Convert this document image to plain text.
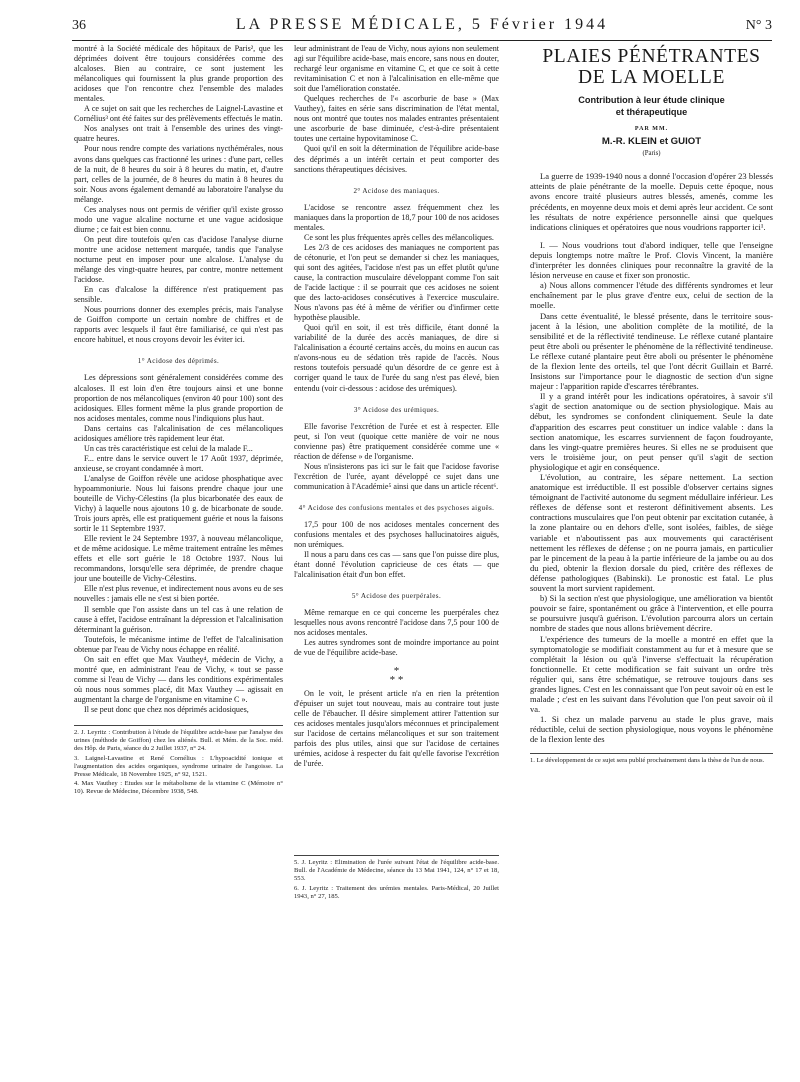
36	LA PRESSE MÉDICALE, 5 Février 1944	N° 3

montré à la Société médicale des hôpitaux de Paris², que les déprimées doivent être toujours considérées comme des alcaloses. Bien au contraire, ce sont justement les mélancoliques qui fournissent la plus grande proportion des acidoses que l'on rencontre chez l'ensemble des malades mentales.

A ce sujet on sait que les recherches de Laignel-Lavastine et Cornélius³ ont été faites sur des prélèvements effectués le matin.

Nos analyses ont trait à l'ensemble des urines des vingt-quatre heures.

Pour nous rendre compte des variations nycthémérales, nous avons dans quelques cas fractionné les urines : d'une part, celles de la nuit, de 8 heures du soir à 8 heures du matin, et, d'autre part, celles de la journée, de 8 heures du matin à 8 heures du soir. Nous avons également demandé au laboratoire l'analyse du mélange.

Ces analyses nous ont permis de vérifier qu'il existe grosso modo une vague alcaline nocturne et une vague acidosique diurne ; ce fait est bien connu.

On peut dire toutefois qu'en cas d'acidose l'analyse diurne montre une acidose nettement marquée, tandis que l'analyse nocturne peut en imposer pour une alcalose. L'analyse du mélange des vingt-quatre heures, par contre, montre nettement l'acidose.

En cas d'alcalose la différence n'est pratiquement pas sensible.

Nous pourrions donner des exemples précis, mais l'analyse de Goiffon comporte un certain nombre de chiffres et de rapports avec lesquels il faut être familiarisé, ce qui n'est pas encore habituel, et nous croyons devoir les éviter ici.

1° Acidose des déprimés.

Les dépressions sont généralement considérées comme des alcaloses. Il est loin d'en être toujours ainsi et une bonne proportion de nos mélancoliques (environ 40 pour 100) sont des acidosiques. Elles forment même la plus grande proportion de nos acidoses mentales, comme nous l'indiquions plus haut.

Dans certains cas l'alcalinisation de ces mélancoliques acidosiques améliore très rapidement leur état.

Un cas très caractéristique est celui de la malade F...

F... entre dans le service ouvert le 17 Août 1937, déprimée, anxieuse, se croyant condamnée à mort.

L'analyse de Goiffon révèle une acidose phosphatique avec hypoammoniurie. Nous lui faisons prendre chaque jour une bouteille de Vichy-Célestins (la plus bicarbonatée des eaux de Vichy) à laquelle nous ajoutons 10 g. de bicarbonate de soude. Trois jours après, elle est pratiquement guérie et nous la faisons sortir le 11 Septembre 1937.

Elle revient le 24 Septembre 1937, à nouveau mélancolique, et de même acidosique. Le même traitement entraîne les mêmes effets et elle sort guérie le 18 Octobre 1937. Nous lui recommandons, lorsqu'elle sera déprimée, de prendre chaque jour une bouteille de Vichy-Célestins.

Elle n'est plus revenue, et indirectement nous avons eu de ses nouvelles : jamais elle ne s'est si bien portée.

Il semble que l'on assiste dans un tel cas à une relation de cause à effet, l'acidose entraînant la dépression et l'alcalinisation déterminant la guérison.

Toutefois, le mécanisme intime de l'effet de l'alcalinisation obtenue par l'eau de Vichy nous échappe en réalité.

On sait en effet que Max Vauthey⁴, médecin de Vichy, a montré que, en administrant l'eau de Vichy, « tout se passe comme si l'eau de Vichy — dans les conditions expérimentales où nous nous sommes placé, dit Max Vauthey — agissait en augmentant la charge de l'organisme en vitamine C ».

Il se peut donc que chez nos déprimés acidosiques,

2. J. Leyritz : Contribution à l'étude de l'équilibre acide-base par l'analyse des urines (méthode de Goiffon) chez les aliénés. Bull. et Mém. de la Soc. méd. des Hôp. de Paris, séance du 2 Juillet 1937, n° 24.

3. Laignel-Lavastine et René Cornélius : L'hypoacidité ionique et l'augmentation des acides organiques, syndrome urinaire de l'angoisse. La Presse Médicale, 18 Novembre 1925, n° 92, 1521.

4. Max Vauthey : Etudes sur le métabolisme de la vitamine C (Mémoire n° 10). Revue de Médecine, Décembre 1938, 548.

leur administrant de l'eau de Vichy, nous ayions non seulement agi sur l'équilibre acide-base, mais encore, sans nous en douter, rechargé leur organisme en vitamine C, et que ce soit à cette revitaminisation C et non à l'alcalinisation en elle-même que soit due l'amélioration constatée.

Quelques recherches de l'« ascorburie de base » (Max Vauthey), faites en série sans discrimination de l'état mental, nous ont montré que toutes nos malades entrantes présentaient une ascorburie de base diminuée, c'est-à-dire présentaient toutes une certaine hypovitaminose C.

Quoi qu'il en soit la détermination de l'équilibre acide-base des déprimés a un intérêt certain et peut comporter des sanctions thérapeutiques décisives.

2° Acidose des maniaques.

L'acidose se rencontre assez fréquemment chez les maniaques dans la proportion de 18,7 pour 100 de nos acidoses mentales.

Ce sont les plus fréquentes après celles des mélancoliques.

Les 2/3 de ces acidoses des maniaques ne comportent pas de cétonurie, et l'on peut se demander si chez les maniaques, qui sont des agitées, l'acidose n'est pas un effet plutôt qu'une cause, la contraction musculaire développant comme l'on sait de l'acide lactique : il se pourrait que ces acidoses ne soient que des lacto-acidoses consécutives à l'exercice musculaire. Nous n'avons pas été à même de vérifier ou d'infirmer cette hypothèse plausible.

Quoi qu'il en soit, il est très difficile, étant donné la variabilité de la durée des accès maniaques, de dire si l'alcalinisation a écourté certains accès, du moins en aucun cas n'avons-nous eu de sédation très rapide de l'accès. Nous restons toutefois persuadé qu'un désordre de ce genre est à corriger quand le taux de l'urée du sang n'est pas élevé, bien entendu (voir ci-dessous : acidose des urémiques).

3° Acidose des urémiques.

Elle favorise l'excrétion de l'urée et est à respecter. Elle peut, si l'on veut (quoique cette manière de voir ne nous convienne pas) être pratiquement considérée comme une « réaction de défense » de l'organisme.

Nous n'insisterons pas ici sur le fait que l'acidose favorise l'excrétion de l'urée, ayant développé ce sujet dans une communication à l'Académie⁵ ainsi que dans un article récent⁶.

4° Acidose des confusions mentales et des psychoses aiguës.

17,5 pour 100 de nos acidoses mentales concernent des confusions mentales et des psychoses hallucinatoires aiguës, non urémiques.

Il nous a paru dans ces cas — sans que l'on puisse dire plus, étant donné l'évolution capricieuse de ces états — que l'alcalinisation était d'un bon effet.

5° Acidose des puerpérales.

Même remarque en ce qui concerne les puerpérales chez lesquelles nous avons rencontré l'acidose dans 7,5 pour 100 de nos acidoses mentales.

Les autres syndromes sont de moindre importance au point de vue de l'équilibre acide-base.

*
* *

On le voit, le présent article n'a en rien la prétention d'épuiser un sujet tout nouveau, mais au contraire tout juste celle de l'ébaucher. Il désire simplement attirer l'attention sur ces acidoses mentales jusqu'alors méconnues et principalement sur l'acidose de certains mélancoliques et sur son traitement parfois des plus utiles, ainsi que sur l'acidose de certaines urémies, acidose à respecter du fait qu'elle favorise l'excrétion de l'urée.

5. J. Leyritz : Elimination de l'urée suivant l'état de l'équilibre acide-base. Bull. de l'Académie de Médecine, séance du 13 Mai 1941, 124, n° 17 et 18, 553.

6. J. Leyritz : Traitement des urémies mentales. Paris-Médical, 20 Juillet 1943, n° 27, 185.

PLAIES PÉNÉTRANTES
DE LA MOELLE
Contribution à leur étude clinique
et thérapeutique
PAR MM.
M.-R. KLEIN et GUIOT
(Paris)

La guerre de 1939-1940 nous a donné l'occasion d'opérer 23 blessés atteints de plaie pénétrante de la moelle. Depuis cette époque, nous avons encore traité plusieurs autres blessés, amenés, comme les précédents, en moyenne deux mois et demi après leur accident. Ce sont les résultats de notre expérience personnelle ainsi que quelques indications cliniques et opératoires que nous voudrions rapporter ici¹.

I. — Nous voudrions tout d'abord indiquer, telle que l'enseigne depuis longtemps notre maître le Prof. Clovis Vincent, la manière d'interpréter les données cliniques pour reconnaître la gravité de la lésion nerveuse en cause et fixer son pronostic.

a) Nous allons commencer l'étude des différents syndromes et leur enchaînement par le plus grave d'entre eux, celui de section de la moelle.

Dans cette éventualité, le blessé présente, dans le territoire sous-jacent à la lésion, une abolition complète de la motilité, de la sensibilité et de la réflectivité tendineuse. Le réflexe cutané plantaire peut être aboli ou présenter le phénomène de la réflectivité tendineuse. Le réflexe cutané plantaire peut être aboli ou présenter le phénomène de la flexion lente des orteils, tel que l'ont décrit Guillain et Barré. Insistons sur l'importance pour le diagnostic de section d'un signe majeur : l'apparition rapide d'escarres térébrantes.

Il y a grand intérêt pour les indications opératoires, à savoir s'il s'agit de section anatomique ou de section physiologique. Mais au début, les syndromes se confondent cliniquement. Seule la date d'apparition des escarres peut constituer un indice valable : dans la section anatomique, les escarres surviennent de façon foudroyante, dans les vingt-quatre premières heures. Si elles ne se produisent que vers le troisième jour, on peut penser qu'il s'agit de section physiologique et agir en conséquence.

L'évolution, au contraire, les sépare nettement. La section anatomique est irréductible. Il est possible d'observer certains signes témoignant de l'activité autonome du segment médullaire inférieur. Les réflexes de défense sont et resteront définitivement absents. Les contractions musculaires que l'on peut obtenir par excitation cutanée, à la zone plantaire ou en dehors d'elle, sont isolées, faibles, de siège variable et n'aboutissent pas aux mouvements qui caractérisent nettement les réflexes de défense ; on ne pourra jamais, en particulier par le pincement de la peau à la partie inférieure de la jambe ou au dos du pied, obtenir la flexion dorsale du pied, critère des réflexes de défense pathologiques (Babinski). Le pronostic est fatal. Le plus souvent la mort survient rapidement.

b) Si la section n'est que physiologique, une amélioration va bientôt pouvoir se faire, spontanément ou grâce à l'intervention, et elle pourra se poursuivre jusqu'à guérison. L'évolution parcourra alors un certain nombre de stades que nous allons brièvement décrire.

L'expérience des tumeurs de la moelle a montré en effet que la symptomatologie se modifiait constamment au fur et à mesure que se complétait la lésion ou qu'à l'inverse s'effectuait la récupération fonctionnelle. Et cette modification se fait suivant un ordre très régulier qui, sans être schématique, se retrouve toujours dans ses grandes lignes. C'est en les connaissant que l'on peut savoir où en est le malade ; c'est en les suivant dans l'évolution que l'on peut savoir où il va.

1. Si chez un malade parvenu au stade le plus grave, mais réductible, celui de section physiologique, nous voyons le phénomène de la flexion lente des

1. Le développement de ce sujet sera publié prochainement dans la thèse de l'un de nous.
